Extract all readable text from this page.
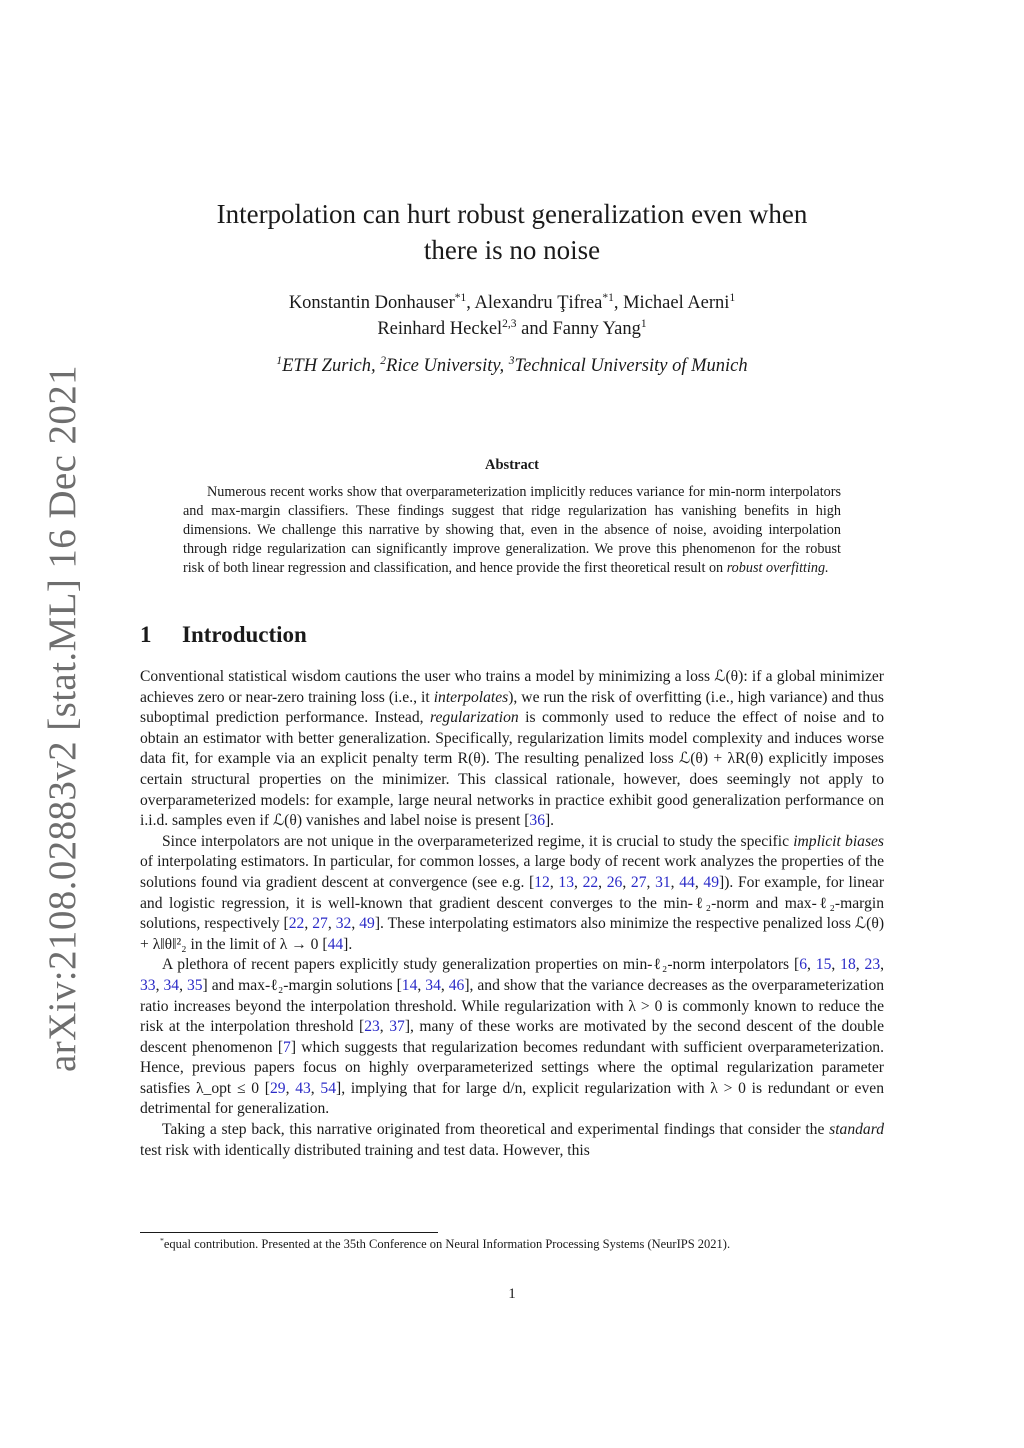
arXiv:2108.02883v2 [stat.ML] 16 Dec 2021
Interpolation can hurt robust generalization even when
there is no noise
Konstantin Donhauser$^{*1}$, Alexandru Ţifrea$^{*1}$, Michael Aerni$^1$
Reinhard Heckel$^{2,3}$ and Fanny Yang$^1$
$^1$ETH Zurich, $^2$Rice University, $^3$Technical University of Munich
Abstract

Numerous recent works show that overparameterization implicitly reduces variance for min-norm interpolators and max-margin classifiers. These findings suggest that ridge regularization has vanishing benefits in high dimensions. We challenge this narrative by showing that, even in the absence of noise, avoiding interpolation through ridge regularization can significantly improve generalization. We prove this phenomenon for the robust risk of both linear regression and classification, and hence provide the first theoretical result on robust overfitting.

1 Introduction

Conventional statistical wisdom cautions the user who trains a model by minimizing a loss ℒ(θ): if a global minimizer achieves zero or near-zero training loss (i.e., it interpolates), we run the risk of overfitting (i.e., high variance) and thus suboptimal prediction performance. Instead, regularization is commonly used to reduce the effect of noise and to obtain an estimator with better generalization. Specifically, regularization limits model complexity and induces worse data fit, for example via an explicit penalty term R(θ). The resulting penalized loss ℒ(θ) + λR(θ) explicitly imposes certain structural properties on the minimizer. This classical rationale, however, does seemingly not apply to overparameterized models: for example, large neural networks in practice exhibit good generalization performance on i.i.d. samples even if ℒ(θ) vanishes and label noise is present [36].

Since interpolators are not unique in the overparameterized regime, it is crucial to study the specific implicit biases of interpolating estimators. In particular, for common losses, a large body of recent work analyzes the properties of the solutions found via gradient descent at convergence (see e.g. [12, 13, 22, 26, 27, 31, 44, 49]). For example, for linear and logistic regression, it is well-known that gradient descent converges to the min-ℓ₂-norm and max-ℓ₂-margin solutions, respectively [22, 27, 32, 49]. These interpolating estimators also minimize the respective penalized loss ℒ(θ) + λ‖θ‖²₂ in the limit of λ → 0 [44].

A plethora of recent papers explicitly study generalization properties on min-ℓ₂-norm interpolators [6, 15, 18, 23, 33, 34, 35] and max-ℓ₂-margin solutions [14, 34, 46], and show that the variance decreases as the overparameterization ratio increases beyond the interpolation threshold. While regularization with λ > 0 is commonly known to reduce the risk at the interpolation threshold [23, 37], many of these works are motivated by the second descent of the double descent phenomenon [7] which suggests that regularization becomes redundant with sufficient overparameterization. Hence, previous papers focus on highly overparameterized settings where the optimal regularization parameter satisfies λ_opt ≤ 0 [29, 43, 54], implying that for large d/n, explicit regularization with λ > 0 is redundant or even detrimental for generalization.

Taking a step back, this narrative originated from theoretical and experimental findings that consider the standard test risk with identically distributed training and test data. However, this

*equal contribution. Presented at the 35th Conference on Neural Information Processing Systems (NeurIPS 2021).

1
